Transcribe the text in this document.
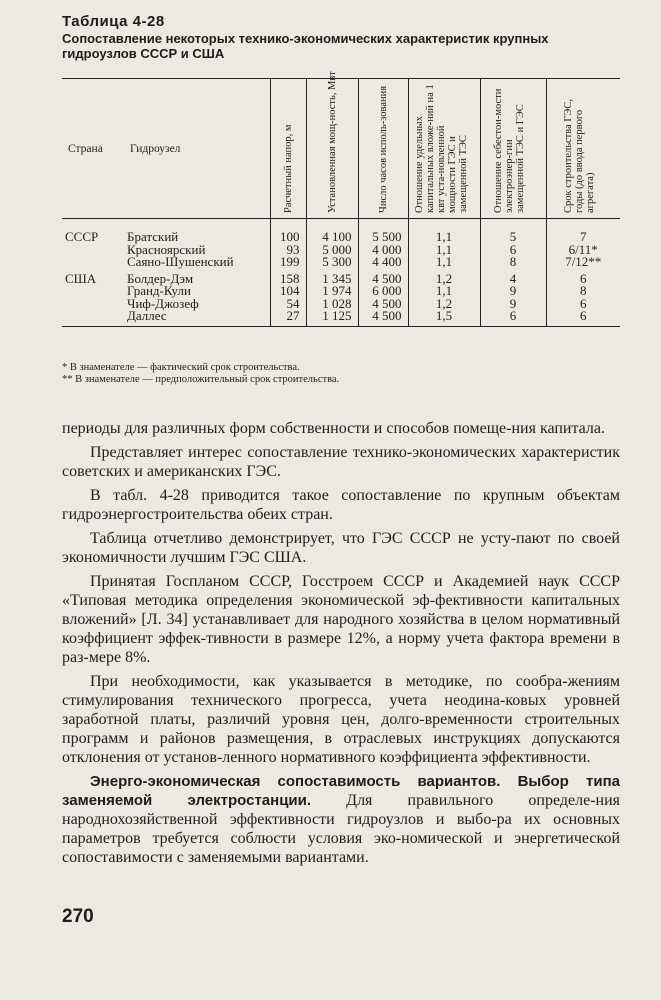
Таблица 4-28
Сопоставление некоторых технико-экономических характеристик крупных гидроузлов СССР и США
Страна	Гидроузел	Расчетный напор, м	Установленная мощ-ность, Мвт	Число часов исполь-зования	Отношение удельных капитальных вложе-ний на 1 квт уста-новленной мощности ГЭС и замещенной ТЭС	Отношение себестои-мости электроэнер-гии замещенной ТЭС и ГЭС	Срок строительства ГЭС, годы (до ввода первого агрегата)
СССР	Братский	100	4 100	5 500	1,1	5	7
	Красноярский	93	5 000	4 000	1,1	6	6/11*
	Саяно-Шушенский	199	5 300	4 400	1,1	8	7/12**
США	Болдер-Дэм	158	1 345	4 500	1,2	4	6
	Гранд-Кули	104	1 974	6 000	1,1	9	8
	Чиф-Джозеф	54	1 028	4 500	1,2	9	6
	Даллес	27	1 125	4 500	1,5	6	6
* В знаменателе — фактический срок строительства.
** В знаменателе — предположительный срок строительства.

периоды для различных форм собственности и способов помеще-ния капитала.

Представляет интерес сопоставление технико-экономических характеристик советских и американских ГЭС.

В табл. 4-28 приводится такое сопоставление по крупным объектам гидроэнергостроительства обеих стран.

Таблица отчетливо демонстрирует, что ГЭС СССР не усту-пают по своей экономичности лучшим ГЭС США.

Принятая Госпланом СССР, Госстроем СССР и Академией наук СССР «Типовая методика определения экономической эф-фективности капитальных вложений» [Л. 34] устанавливает для народного хозяйства в целом нормативный коэффициент эффек-тивности в размере 12%, а норму учета фактора времени в раз-мере 8%.

При необходимости, как указывается в методике, по сообра-жениям стимулирования технического прогресса, учета неодина-ковых уровней заработной платы, различий уровня цен, долго-временности строительных программ и районов размещения, в отраслевых инструкциях допускаются отклонения от установ-ленного нормативного коэффициента эффективности.

Энерго-экономическая сопоставимость вариантов. Выбор типа заменяемой электростанции. Для правильного определе-ния народнохозяйственной эффективности гидроузлов и выбо-ра их основных параметров требуется соблюсти условия эко-номической и энергетической сопоставимости с заменяемыми вариантами.

270
